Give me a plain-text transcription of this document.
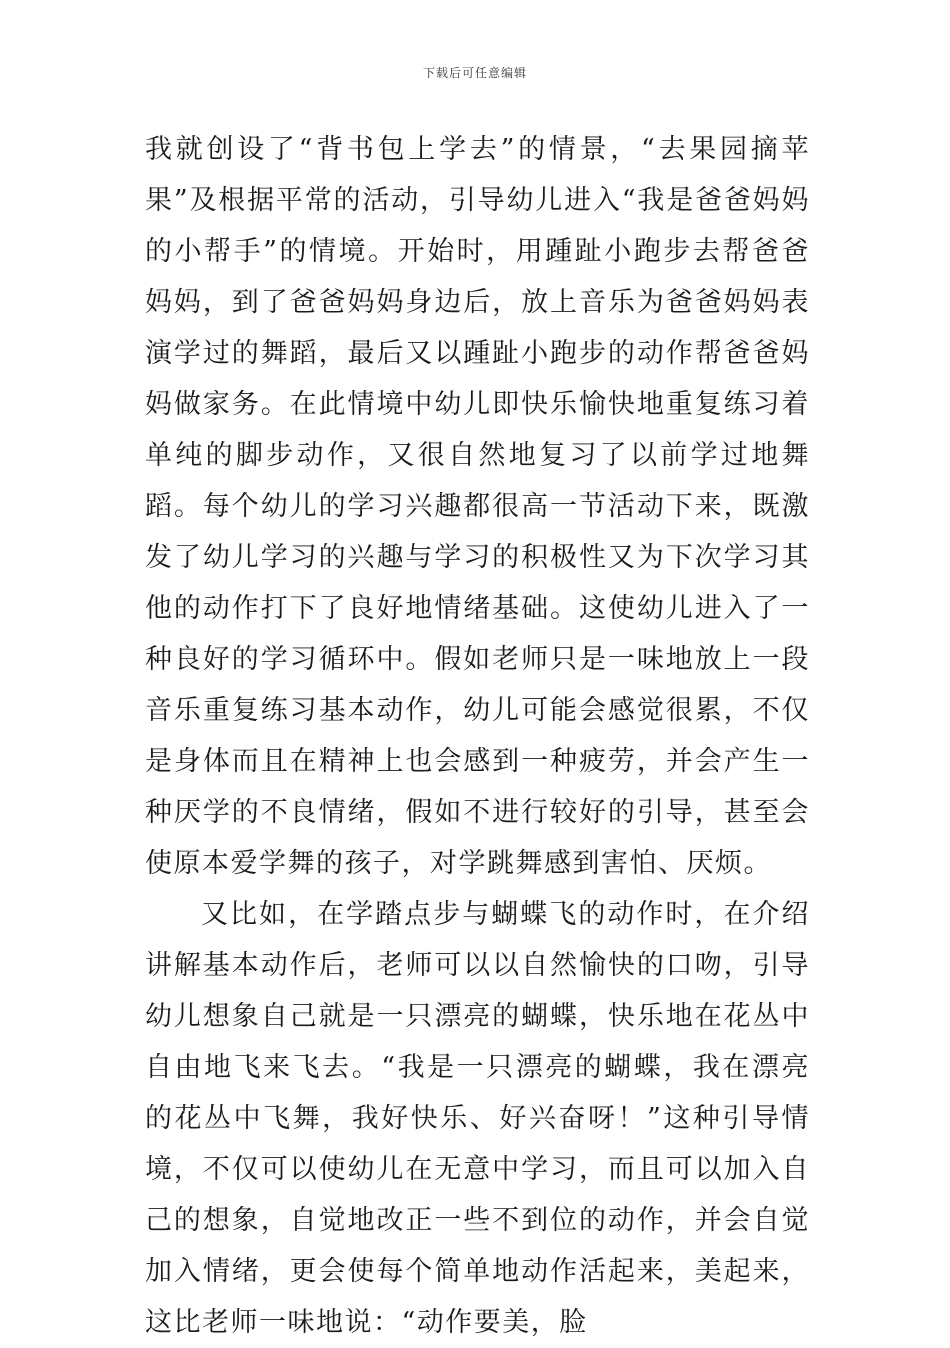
下载后可任意编辑

我就创设了“背书包上学去”的情景，“去果园摘苹果”及根据平常的活动，引导幼儿进入“我是爸爸妈妈的小帮手”的情境。开始时，用踵趾小跑步去帮爸爸妈妈，到了爸爸妈妈身边后，放上音乐为爸爸妈妈表演学过的舞蹈，最后又以踵趾小跑步的动作帮爸爸妈妈做家务。在此情境中幼儿即快乐愉快地重复练习着单纯的脚步动作，又很自然地复习了以前学过地舞蹈。每个幼儿的学习兴趣都很高一节活动下来，既激发了幼儿学习的兴趣与学习的积极性又为下次学习其他的动作打下了良好地情绪基础。这使幼儿进入了一种良好的学习循环中。假如老师只是一味地放上一段音乐重复练习基本动作，幼儿可能会感觉很累，不仅是身体而且在精神上也会感到一种疲劳，并会产生一种厌学的不良情绪，假如不进行较好的引导，甚至会使原本爱学舞的孩子，对学跳舞感到害怕、厌烦。

又比如，在学踏点步与蝴蝶飞的动作时，在介绍讲解基本动作后，老师可以以自然愉快的口吻，引导幼儿想象自己就是一只漂亮的蝴蝶，快乐地在花丛中自由地飞来飞去。“我是一只漂亮的蝴蝶，我在漂亮的花丛中飞舞，我好快乐、好兴奋呀！”这种引导情境，不仅可以使幼儿在无意中学习，而且可以加入自己的想象，自觉地改正一些不到位的动作，并会自觉加入情绪，更会使每个简单地动作活起来，美起来，这比老师一味地说：“动作要美，脸
